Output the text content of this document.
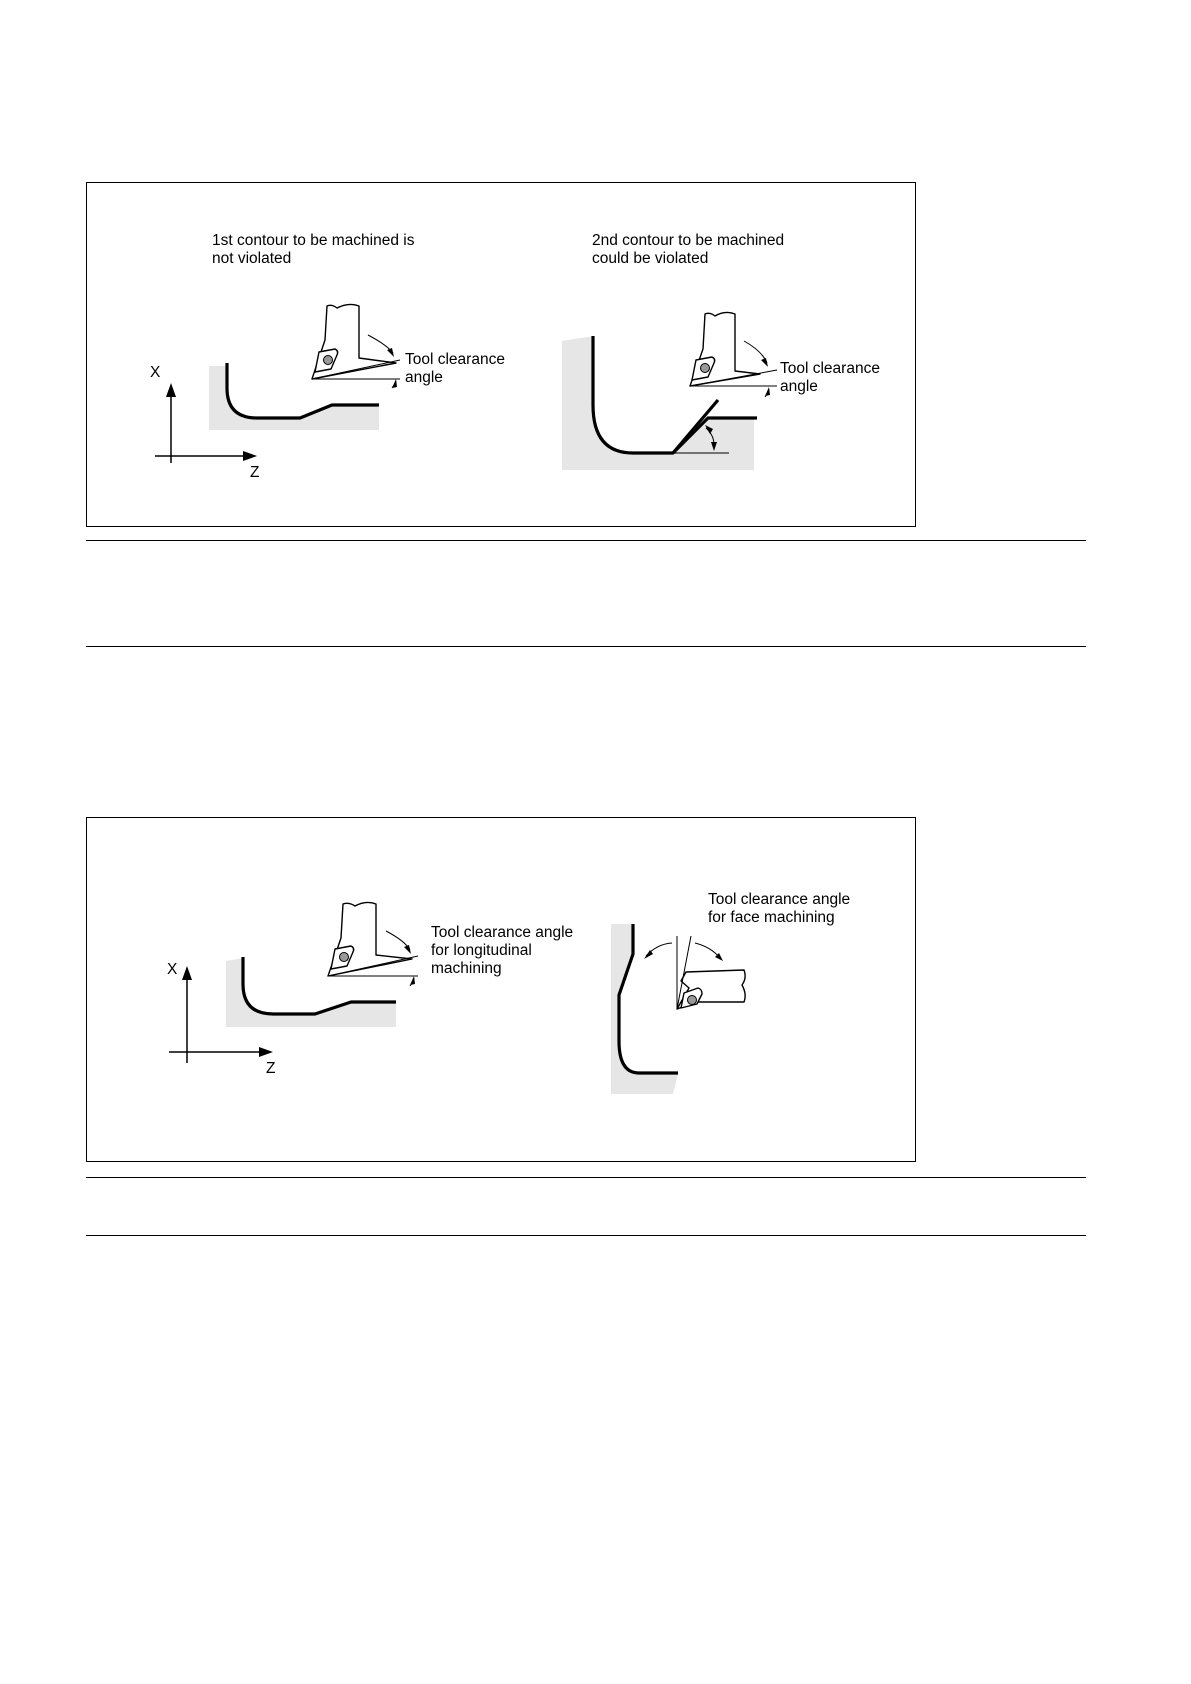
1st contour to be machined is
not violated
2nd contour to be machined
could be violated
X
Z
Tool clearance
angle
Tool clearance
angle
X
Z
Tool clearance angle
for longitudinal
machining
Tool clearance angle
for face machining
